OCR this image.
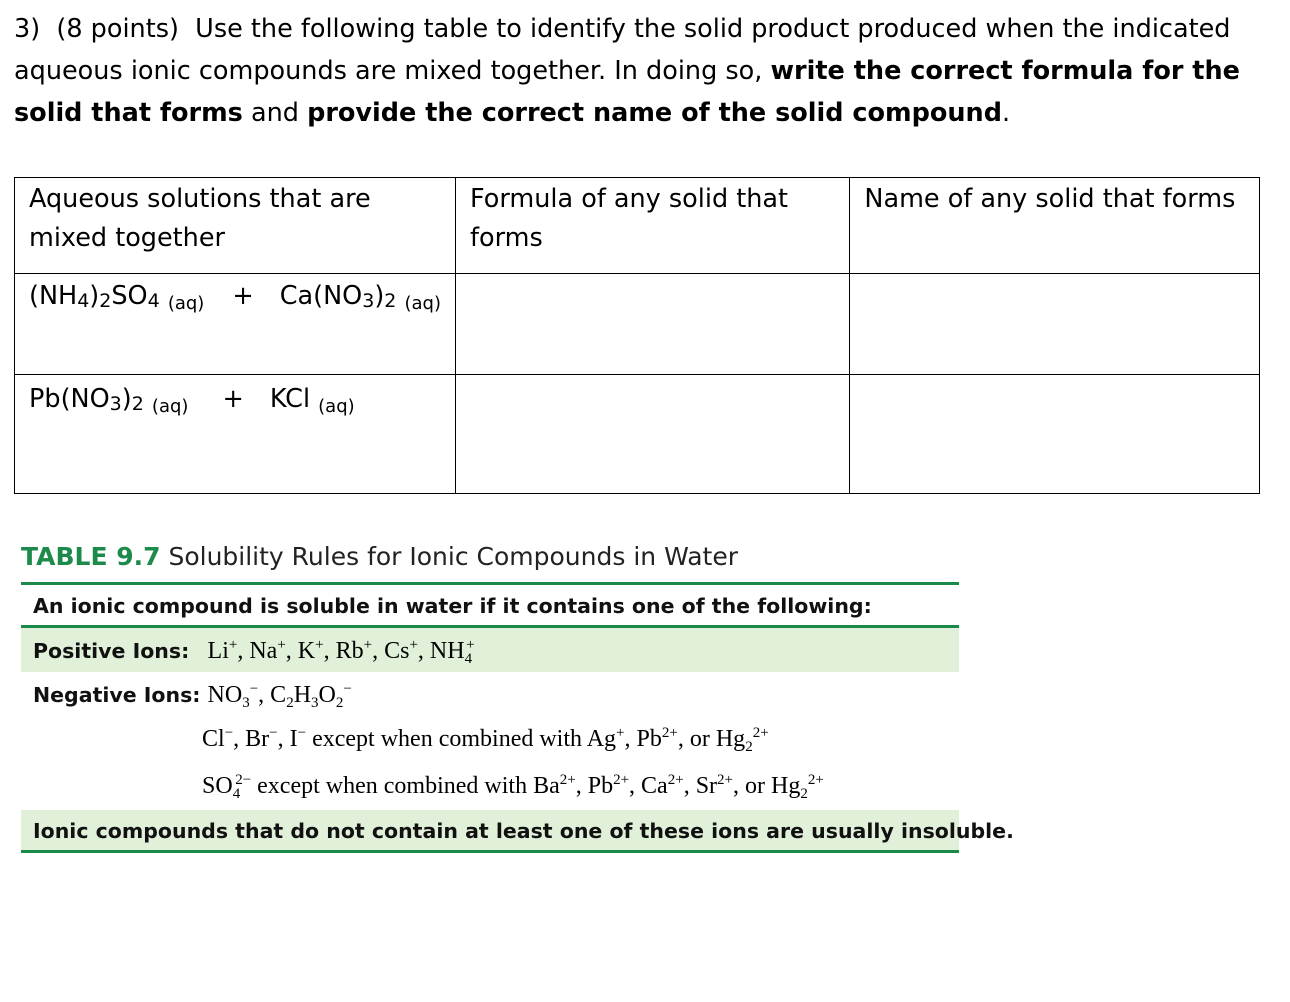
3) (8 points) Use the following table to identify the solid product produced when the indicated aqueous ionic compounds are mixed together. In doing so, write the correct formula for the solid that forms and provide the correct name of the solid compound.
Aqueous solutions that are mixed together	Formula of any solid that forms	Name of any solid that forms

$(NH_4)_2SO_4$ $(aq) + Ca(NO_3)_2$ (aq)		

$Pb(NO_3)_2$ (aq) + KCl (aq)		

TABLE 9.7 Solubility Rules for Ionic Compounds in Water
An ionic compound is soluble in water if it contains one of the following:
Positive Ions: Li+, Na+, K+, Rb+, Cs+, $NH_4^+$
Negative Ions: $NO_3^-$, $C_2H_3O_2^-$
Cl−, Br−, I− except when combined with Ag+, $Pb^{2+}$, or $Hg_2^{2+}$
$SO_4^{2-}$ except when combined with $Ba^{2+}$, $Pb^{2+}$, $Ca^{2+}$, $Sr^{2+}$, or $Hg_2^{2+}$
Ionic compounds that do not contain at least one of these ions are usually insoluble.
